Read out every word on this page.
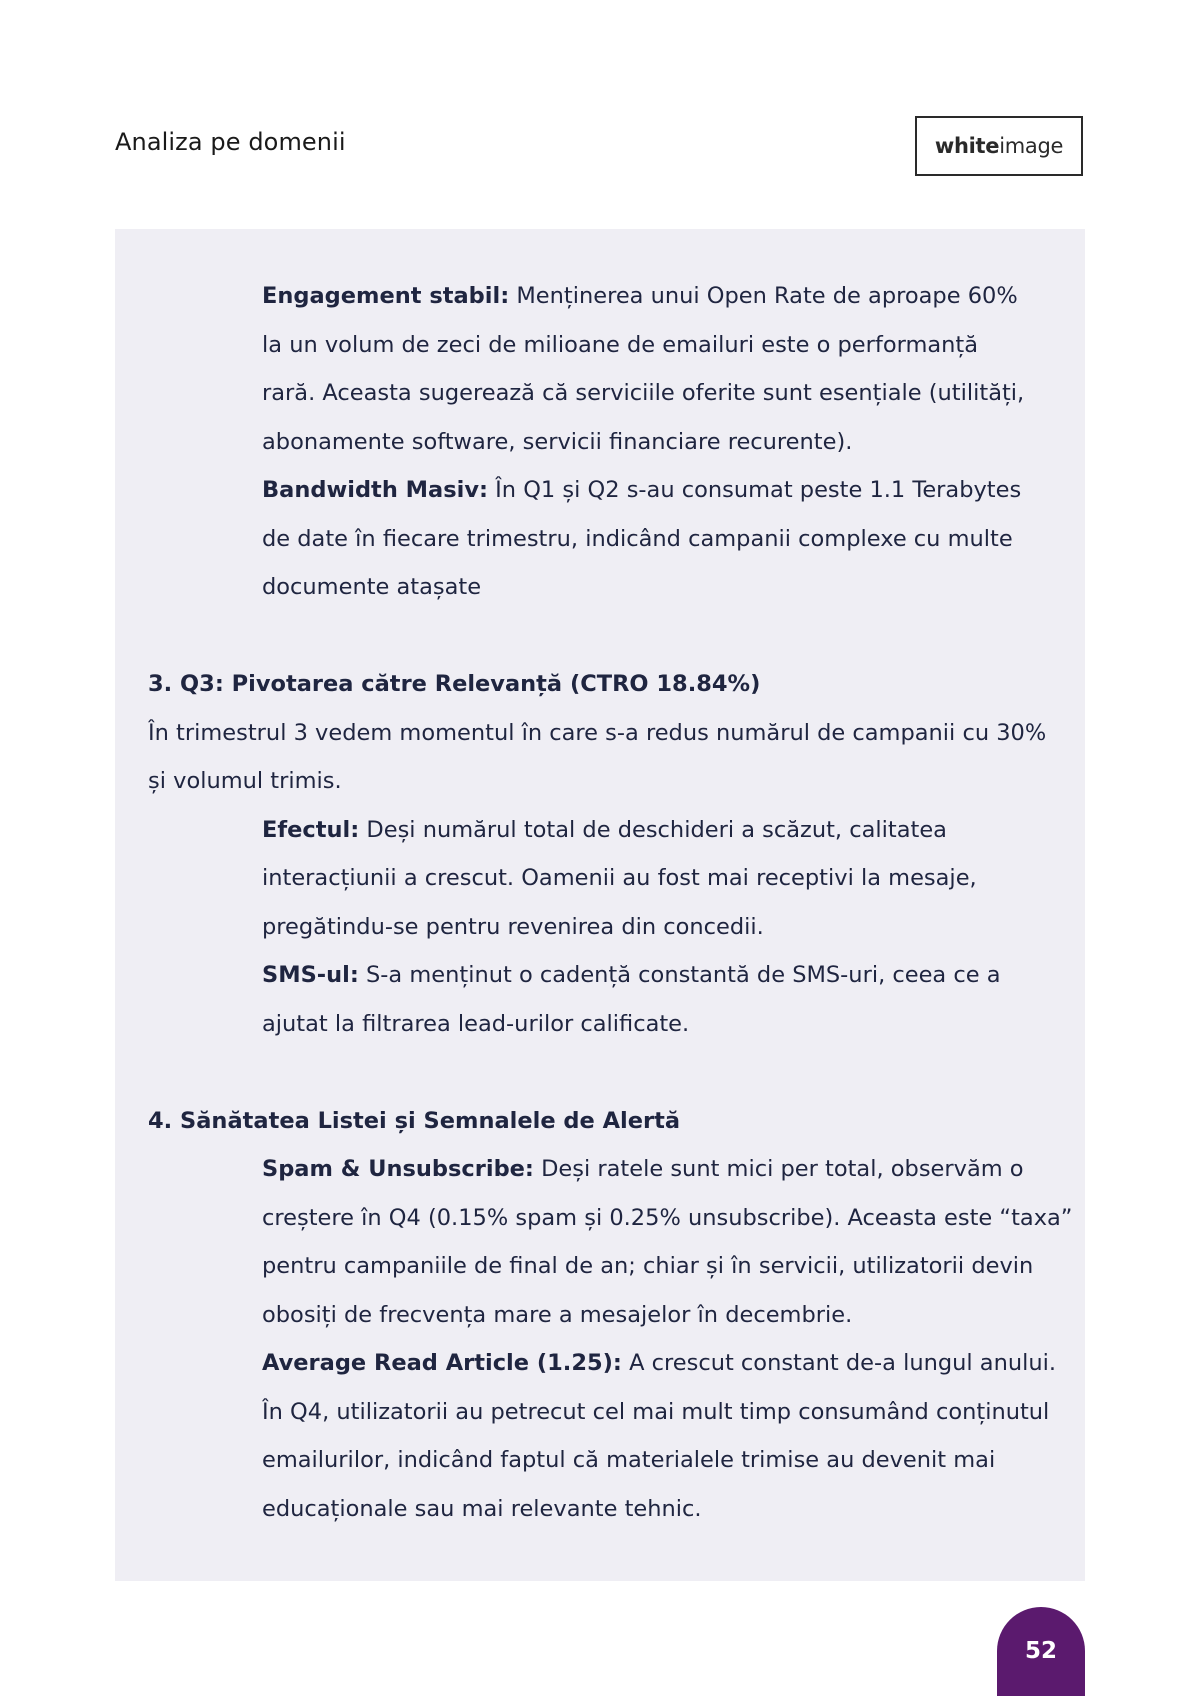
Analiza pe domenii	white image

Engagement stabil: Menținerea unui Open Rate de aproape 60%

la un volum de zeci de milioane de emailuri este o performanță

rară. Aceasta sugerează că serviciile oferite sunt esențiale (utilități,

abonamente software, servicii financiare recurente).

Bandwidth Masiv: În Q1 și Q2 s-au consumat peste 1.1 Terabytes

de date în fiecare trimestru, indicând campanii complexe cu multe

documente atașate

3. Q3: Pivotarea către Relevanță (CTRO 18.84%)

În trimestrul 3 vedem momentul în care s-a redus numărul de campanii cu 30%

și volumul trimis.

Efectul: Deși numărul total de deschideri a scăzut, calitatea

interacțiunii a crescut. Oamenii au fost mai receptivi la mesaje,

pregătindu-se pentru revenirea din concedii.

SMS-ul: S-a menținut o cadență constantă de SMS-uri, ceea ce a

ajutat la filtrarea lead-urilor calificate.

4. Sănătatea Listei și Semnalele de Alertă

Spam & Unsubscribe: Deși ratele sunt mici per total, observăm o

creștere în Q4 (0.15% spam și 0.25% unsubscribe). Aceasta este “taxa”

pentru campaniile de final de an; chiar și în servicii, utilizatorii devin

obosiți de frecvența mare a mesajelor în decembrie.

Average Read Article (1.25): A crescut constant de-a lungul anului.

În Q4, utilizatorii au petrecut cel mai mult timp consumând conținutul

emailurilor, indicând faptul că materialele trimise au devenit mai

educaționale sau mai relevante tehnic.

52
